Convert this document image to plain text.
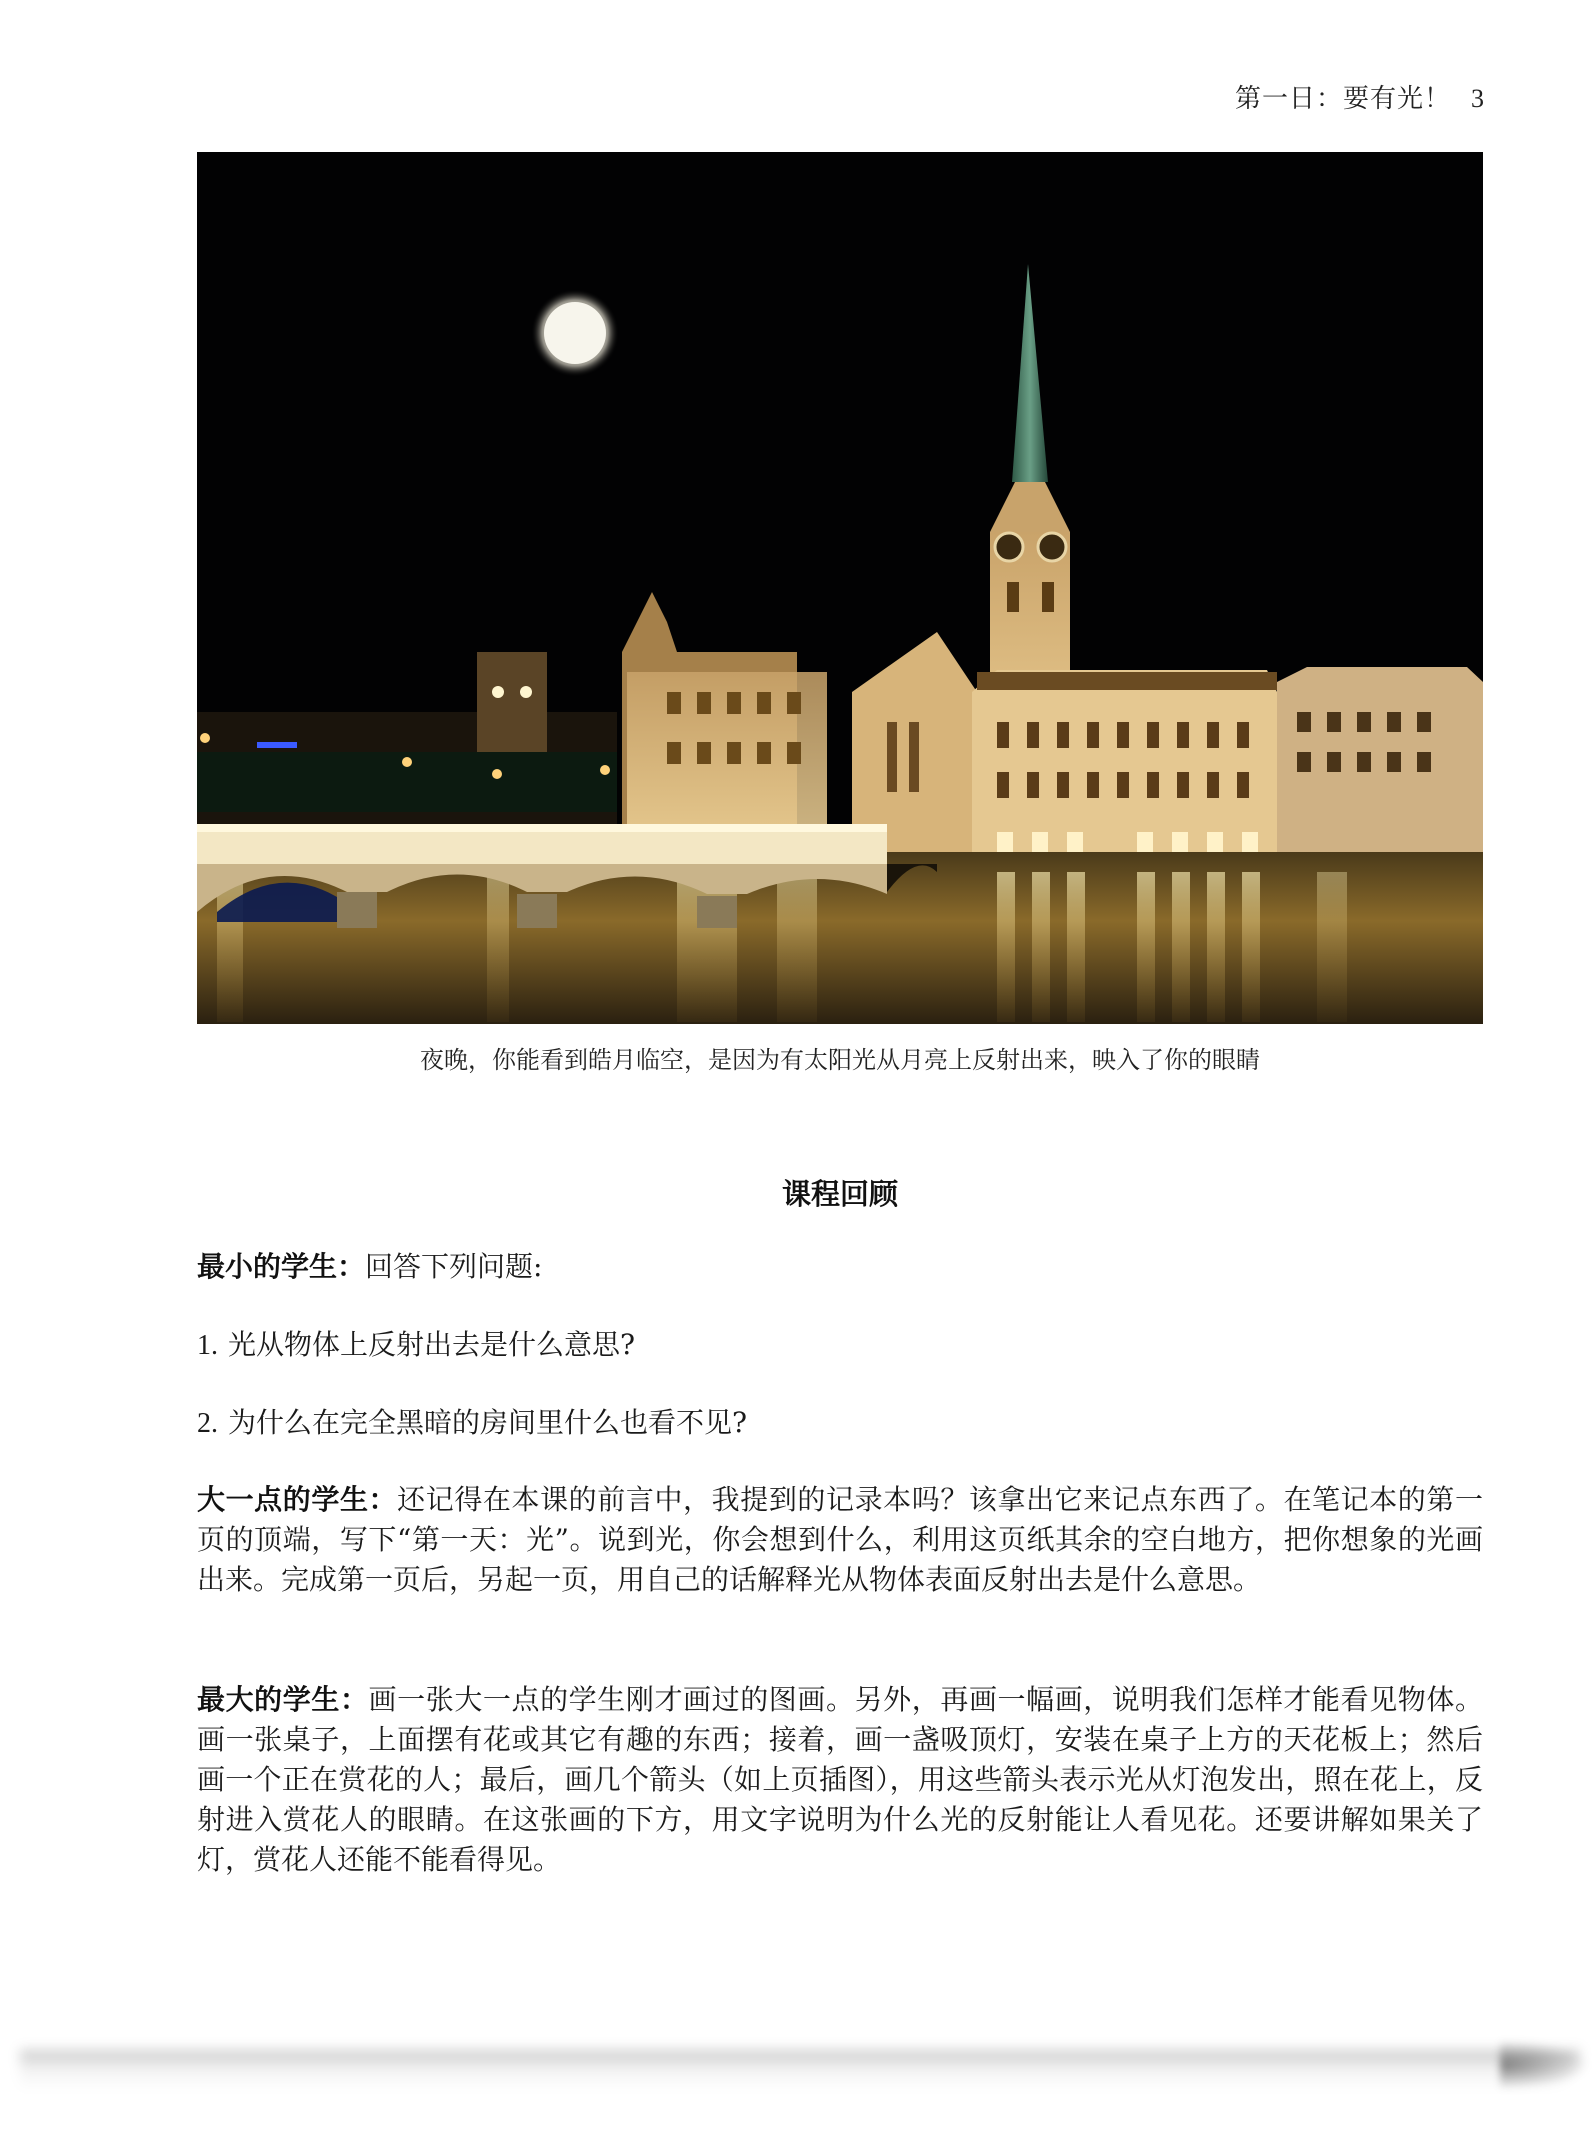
第一日：要有光！ 3
夜晚，你能看到皓月临空，是因为有太阳光从月亮上反射出来，映入了你的眼睛
课程回顾
最小的学生：回答下列问题:
1. 光从物体上反射出去是什么意思?
2. 为什么在完全黑暗的房间里什么也看不见?
大一点的学生：还记得在本课的前言中，我提到的记录本吗？该拿出它来记点东西了。在笔记本的第一页的顶端，写下“第一天：光”。说到光，你会想到什么，利用这页纸其余的空白地方，把你想象的光画出来。完成第一页后，另起一页，用自己的话解释光从物体表面反射出去是什么意思。
最大的学生：画一张大一点的学生刚才画过的图画。另外，再画一幅画，说明我们怎样才能看见物体。画一张桌子，上面摆有花或其它有趣的东西；接着，画一盏吸顶灯，安装在桌子上方的天花板上；然后画一个正在赏花的人；最后，画几个箭头（如上页插图），用这些箭头表示光从灯泡发出，照在花上，反射进入赏花人的眼睛。在这张画的下方，用文字说明为什么光的反射能让人看见花。还要讲解如果关了灯，赏花人还能不能看得见。
